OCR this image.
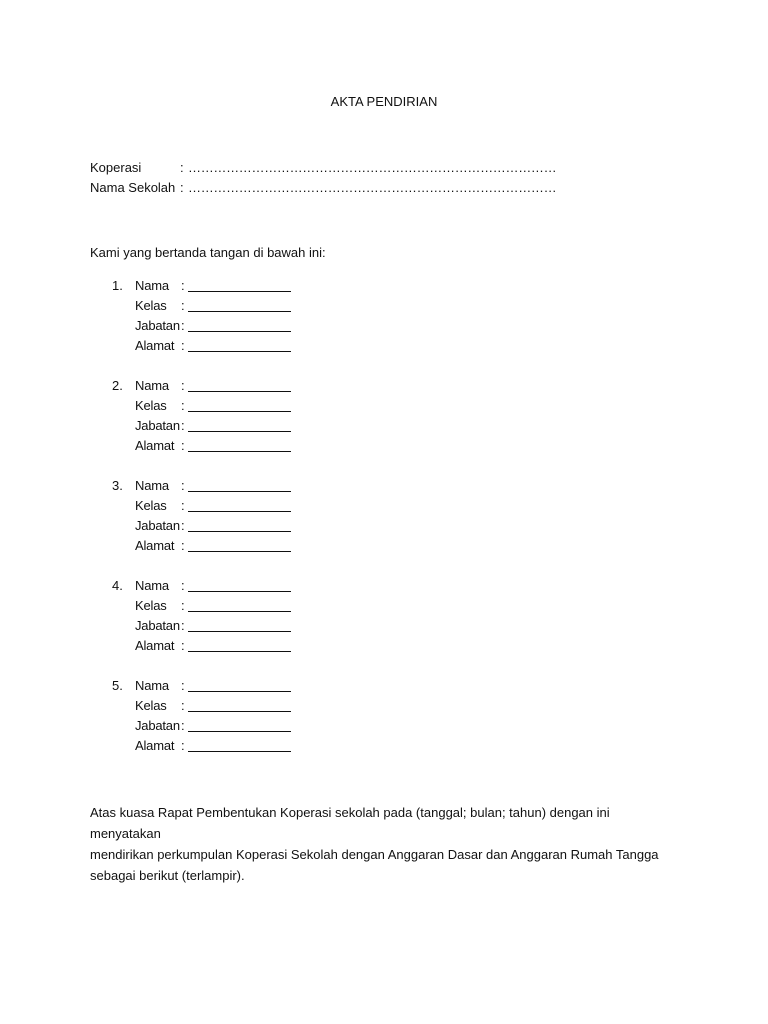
AKTA PENDIRIAN
Koperasi	: ……………………………………………………………………………
Nama Sekolah : ……………………………………………………………………………
Kami yang bertanda tangan di bawah ini:
1. Nama :
Kelas	:
Jabatan :
Alamat :
2. Nama :
Kelas	:
Jabatan :
Alamat :
3. Nama :
Kelas	:
Jabatan :
Alamat :
4. Nama :
Kelas	:
Jabatan :
Alamat :
5. Nama :
Kelas	:
Jabatan :
Alamat :
Atas kuasa Rapat Pembentukan Koperasi sekolah pada (tanggal; bulan; tahun) dengan ini menyatakan
mendirikan perkumpulan Koperasi Sekolah dengan Anggaran Dasar dan Anggaran Rumah Tangga
sebagai berikut (terlampir).
